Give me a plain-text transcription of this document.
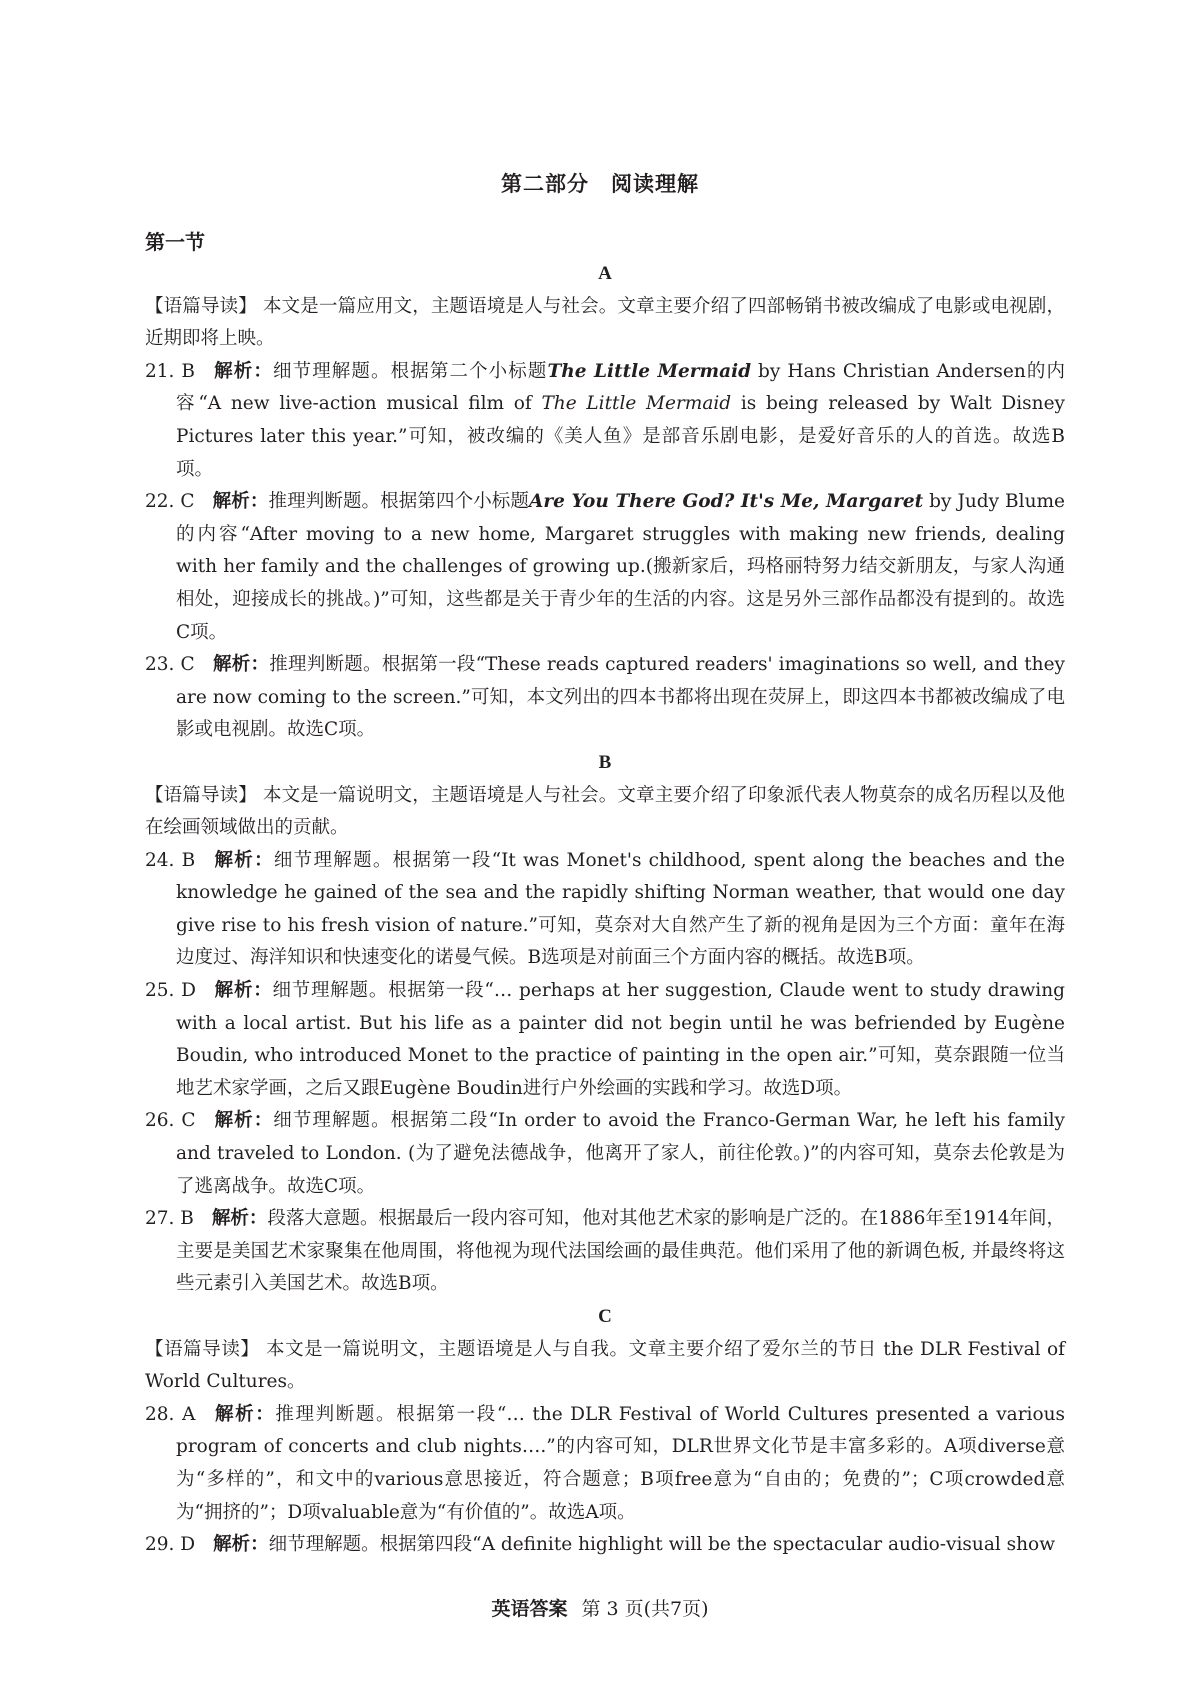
第二部分　阅读理解
第一节

A

【语篇导读】 本文是一篇应用文，主题语境是人与社会。文章主要介绍了四部畅销书被改编成了电影或电视剧，近期即将上映。

21. B 解析：细节理解题。根据第二个小标题The Little Mermaid by Hans Christian Andersen的内容“A new live-action musical film of The Little Mermaid is being released by Walt Disney Pictures later this year.”可知，被改编的《美人鱼》是部音乐剧电影，是爱好音乐的人的首选。故选B项。

22. C 解析：推理判断题。根据第四个小标题Are You There God? It's Me, Margaret by Judy Blume的内容“After moving to a new home, Margaret struggles with making new friends, dealing with her family and the challenges of growing up.(搬新家后，玛格丽特努力结交新朋友，与家人沟通相处，迎接成长的挑战。)”可知，这些都是关于青少年的生活的内容。这是另外三部作品都没有提到的。故选C项。

23. C 解析：推理判断题。根据第一段“These reads captured readers' imaginations so well, and they are now coming to the screen.”可知，本文列出的四本书都将出现在荧屏上，即这四本书都被改编成了电影或电视剧。故选C项。

B

【语篇导读】 本文是一篇说明文，主题语境是人与社会。文章主要介绍了印象派代表人物莫奈的成名历程以及他在绘画领域做出的贡献。

24. B 解析：细节理解题。根据第一段“It was Monet's childhood, spent along the beaches and the knowledge he gained of the sea and the rapidly shifting Norman weather, that would one day give rise to his fresh vision of nature.”可知，莫奈对大自然产生了新的视角是因为三个方面：童年在海边度过、海洋知识和快速变化的诺曼气候。B选项是对前面三个方面内容的概括。故选B项。

25. D 解析：细节理解题。根据第一段“… perhaps at her suggestion, Claude went to study drawing with a local artist. But his life as a painter did not begin until he was befriended by Eugène Boudin, who introduced Monet to the practice of painting in the open air.”可知，莫奈跟随一位当地艺术家学画，之后又跟Eugène Boudin进行户外绘画的实践和学习。故选D项。

26. C 解析：细节理解题。根据第二段“In order to avoid the Franco-German War, he left his family and traveled to London. (为了避免法德战争，他离开了家人，前往伦敦。)”的内容可知，莫奈去伦敦是为了逃离战争。故选C项。

27. B 解析：段落大意题。根据最后一段内容可知，他对其他艺术家的影响是广泛的。在1886年至1914年间，主要是美国艺术家聚集在他周围，将他视为现代法国绘画的最佳典范。他们采用了他的新调色板, 并最终将这些元素引入美国艺术。故选B项。

C

【语篇导读】 本文是一篇说明文，主题语境是人与自我。文章主要介绍了爱尔兰的节日 the DLR Festival of World Cultures。

28. A 解析：推理判断题。根据第一段“… the DLR Festival of World Cultures presented a various program of concerts and club nights….”的内容可知，DLR世界文化节是丰富多彩的。A项diverse意为“多样的”，和文中的various意思接近，符合题意；B项free意为“自由的；免费的”；C项crowded意为“拥挤的”；D项valuable意为“有价值的”。故选A项。

29. D 解析：细节理解题。根据第四段“A definite highlight will be the spectacular audio-visual show

英语答案 第 3 页(共7页)
